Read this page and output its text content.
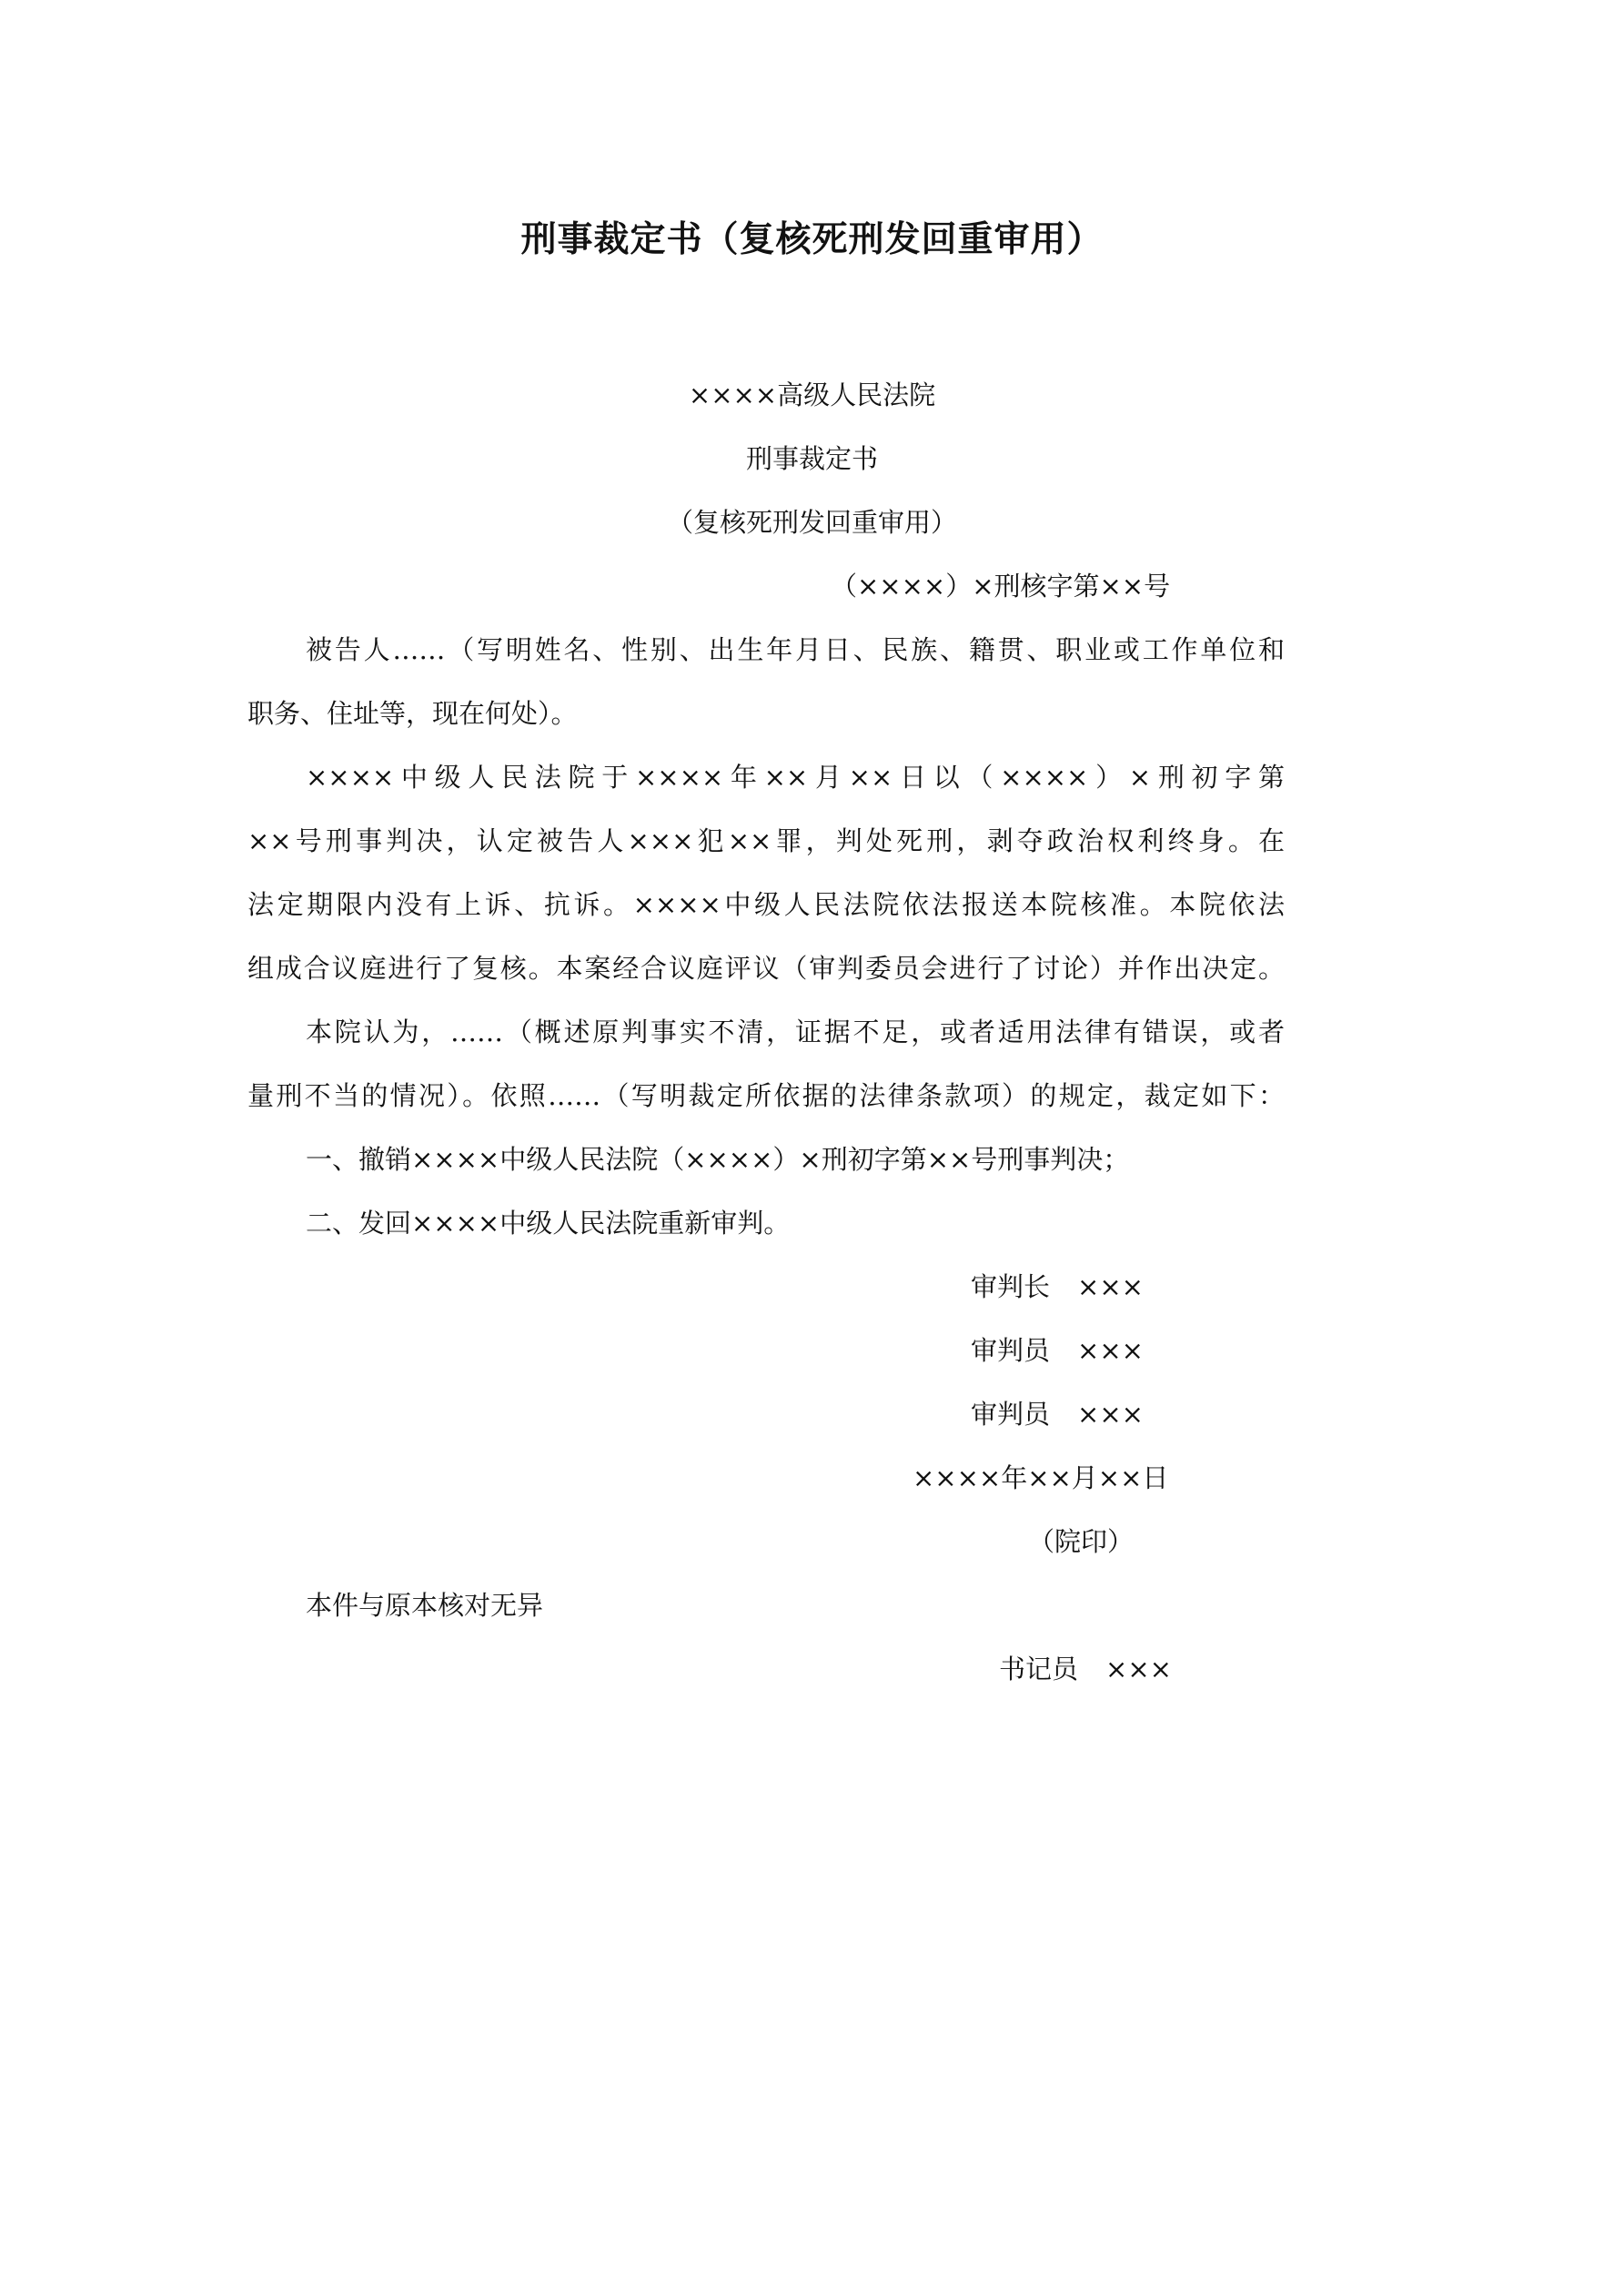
刑事裁定书（复核死刑发回重审用）

××××高级人民法院

刑事裁定书

（复核死刑发回重审用）

（××××）×刑核字第××号

被告人……（写明姓名、性别、出生年月日、民族、籍贯、职业或工作单位和

职务、住址等，现在何处）。

××××中级人民法院于××××年××月××日以（××××）×刑初字第

××号刑事判决，认定被告人×××犯××罪，判处死刑，剥夺政治权利终身。在

法定期限内没有上诉、抗诉。××××中级人民法院依法报送本院核准。本院依法

组成合议庭进行了复核。本案经合议庭评议（审判委员会进行了讨论）并作出决定。

本院认为，……（概述原判事实不清，证据不足，或者适用法律有错误，或者

量刑不当的情况）。依照……（写明裁定所依据的法律条款项）的规定，裁定如下：

一、撤销××××中级人民法院（××××）×刑初字第××号刑事判决；

二、发回××××中级人民法院重新审判。

审判长 ×××
审判员 ×××
审判员 ×××

××××年××月××日

（院印）

本件与原本核对无异

书记员 ×××
